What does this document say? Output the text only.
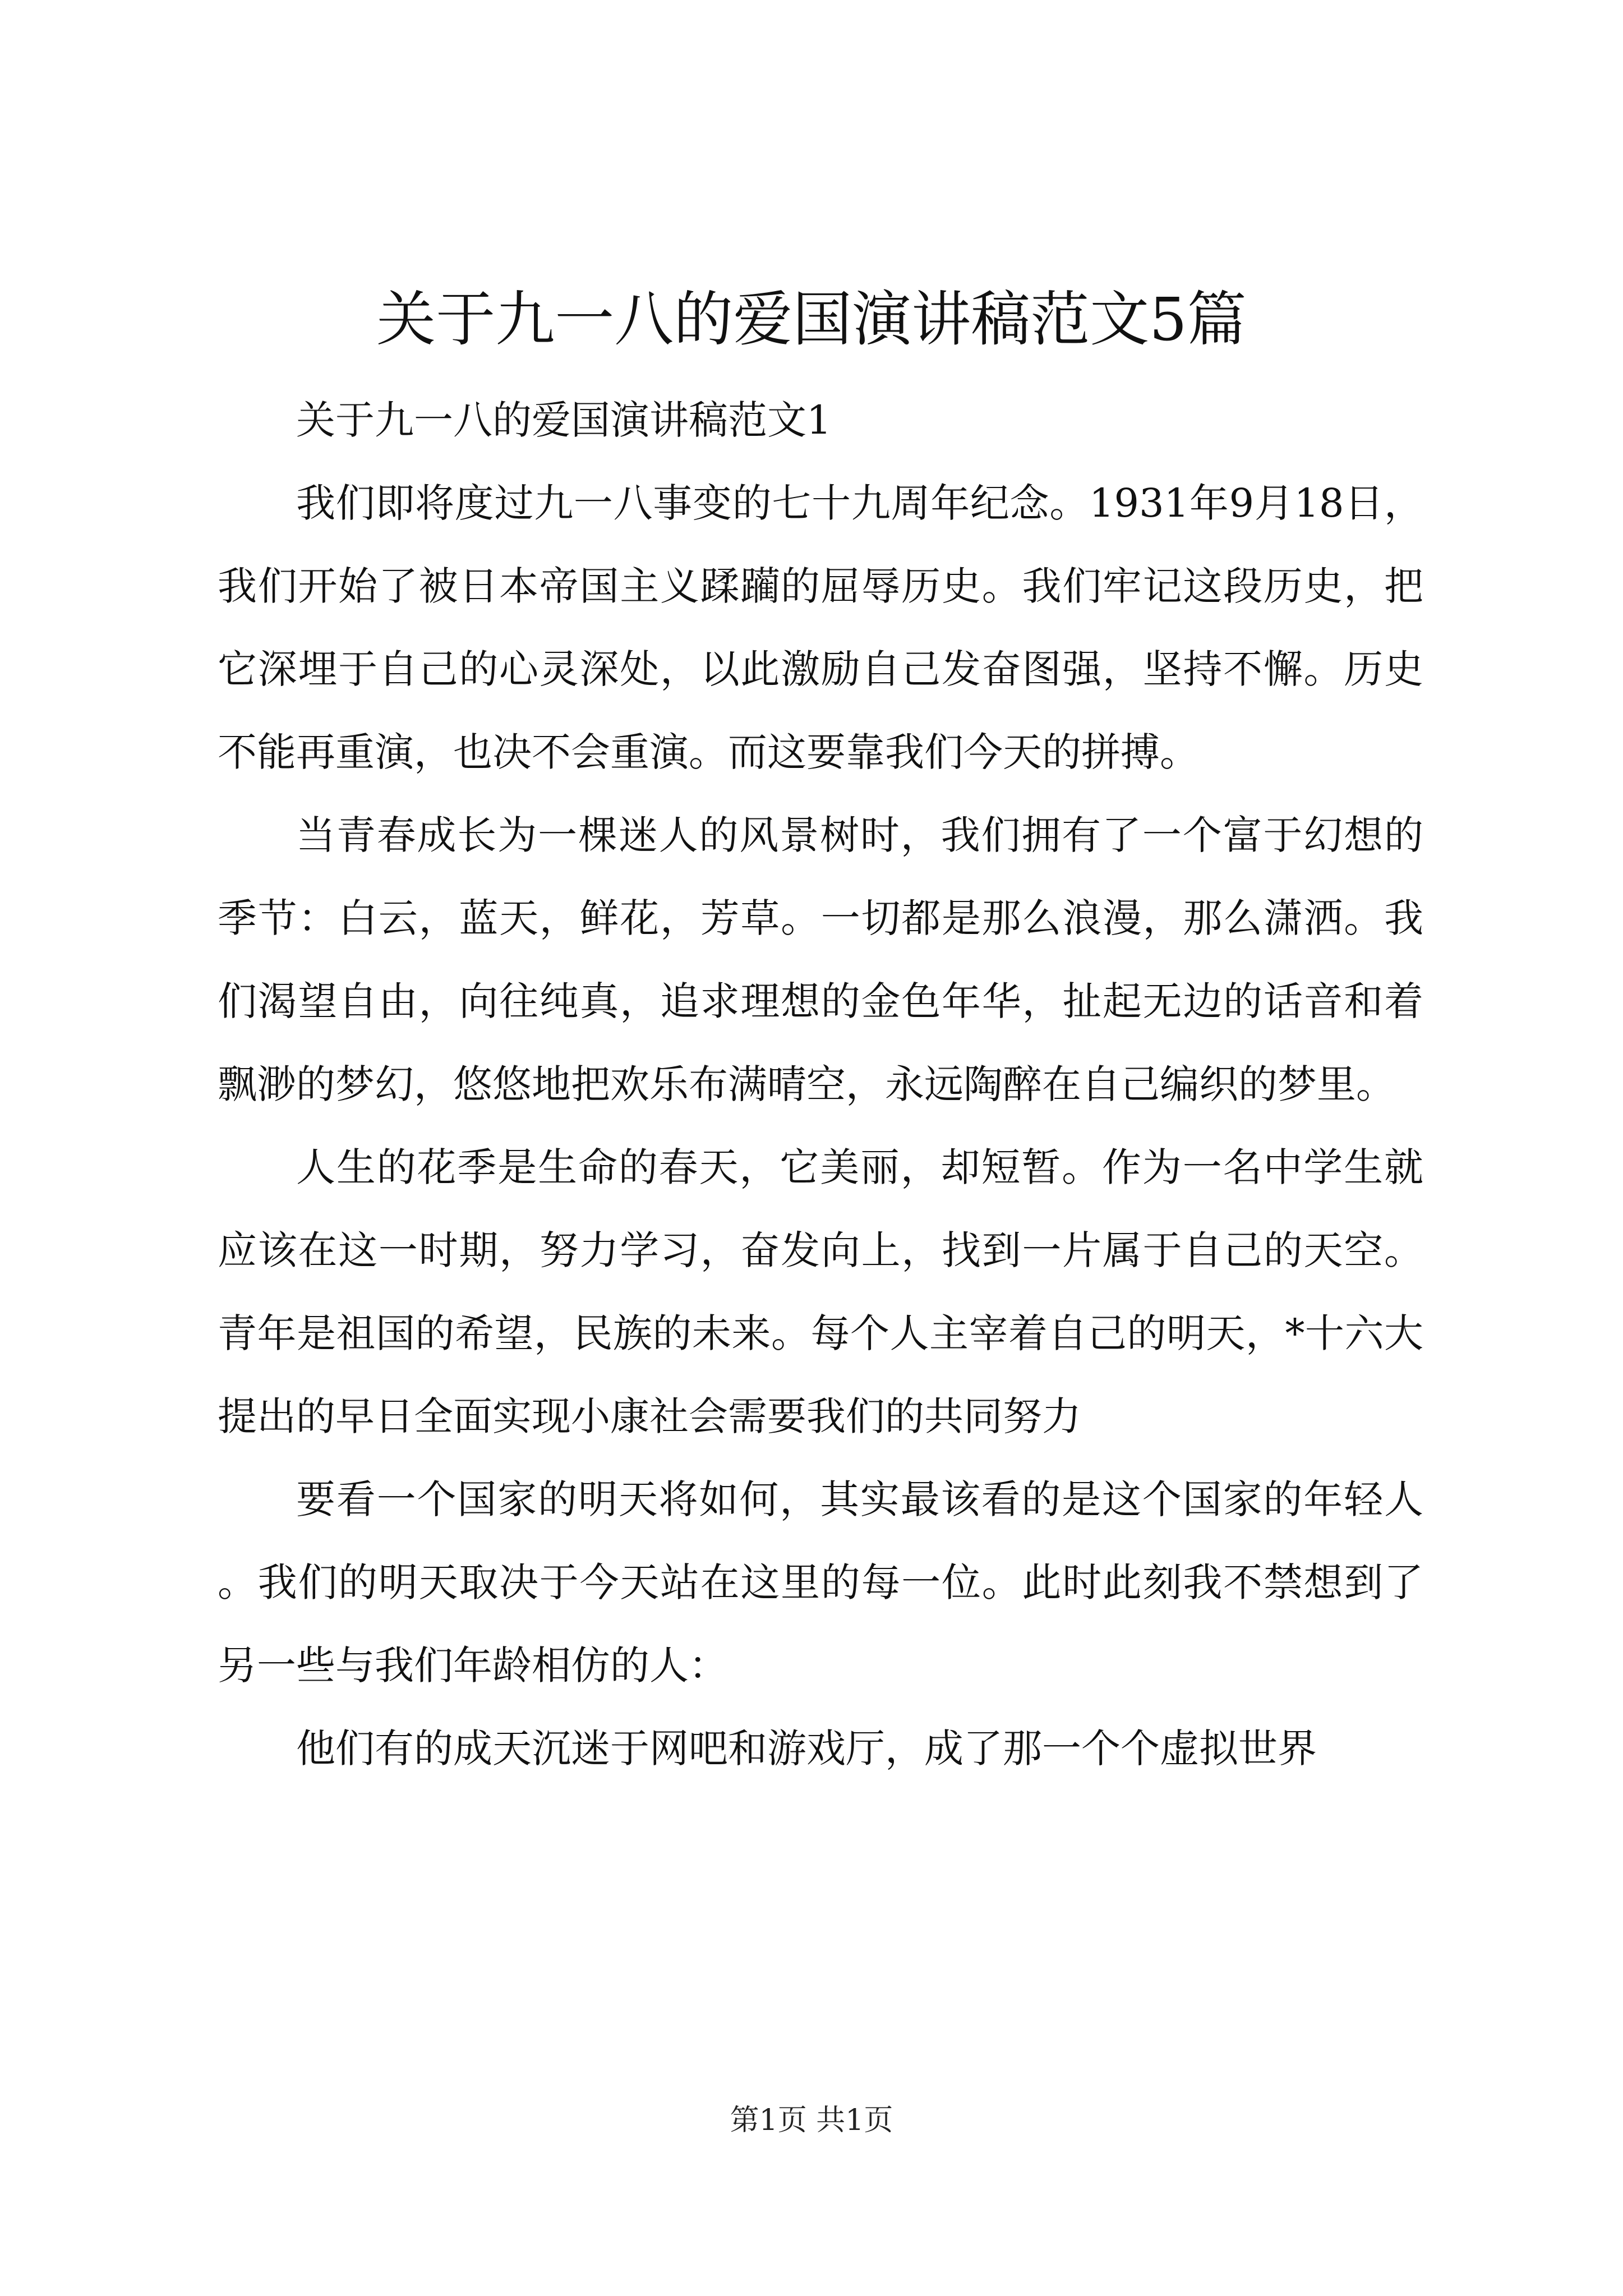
关于九一八的爱国演讲稿范文5篇

关于九一八的爱国演讲稿范文1

我们即将度过九一八事变的七十九周年纪念。1931年9月18日，我们开始了被日本帝国主义蹂躏的屈辱历史。我们牢记这段历史，把它深埋于自己的心灵深处，以此激励自己发奋图强，坚持不懈。历史不能再重演，也决不会重演。而这要靠我们今天的拼搏。

当青春成长为一棵迷人的风景树时，我们拥有了一个富于幻想的季节：白云，蓝天，鲜花，芳草。一切都是那么浪漫，那么潇洒。我们渴望自由，向往纯真，追求理想的金色年华，扯起无边的话音和着飘渺的梦幻，悠悠地把欢乐布满晴空，永远陶醉在自己编织的梦里。

人生的花季是生命的春天，它美丽，却短暂。作为一名中学生就应该在这一时期，努力学习，奋发向上，找到一片属于自己的天空。青年是祖国的希望，民族的未来。每个人主宰着自己的明天，*十六大提出的早日全面实现小康社会需要我们的共同努力

要看一个国家的明天将如何，其实最该看的是这个国家的年轻人。我们的明天取决于今天站在这里的每一位。此时此刻我不禁想到了另一些与我们年龄相仿的人：

他们有的成天沉迷于网吧和游戏厅，成了那一个个虚拟世界

第1页 共1页
